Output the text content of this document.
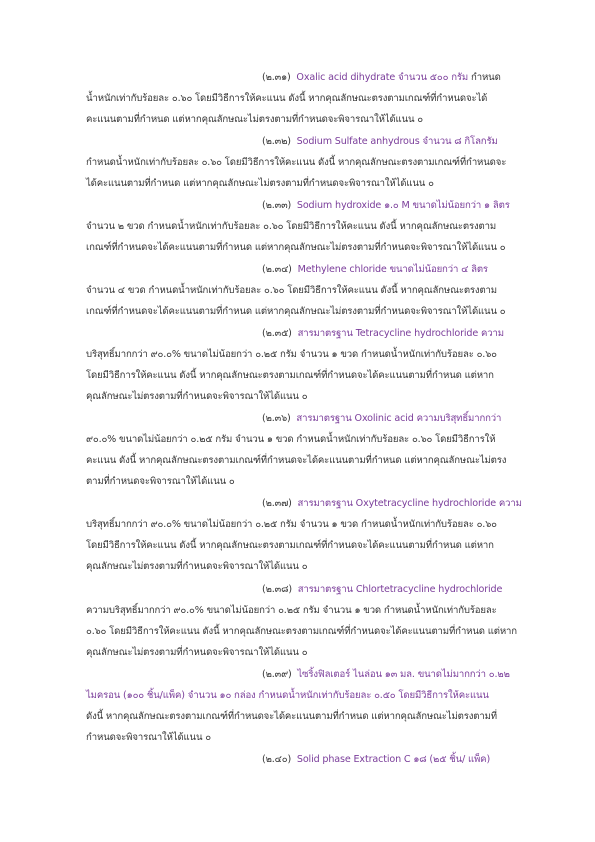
(๒.๓๑) Oxalic acid dihydrate จำนวน ๕๐๐ กรัม กำหนด
น้ำหนักเท่ากับร้อยละ ๐.๖๐ โดยมีวิธีการให้คะแนน ดังนี้ หากคุณลักษณะตรงตามเกณฑ์ที่กำหนดจะได้
คะแนนตามที่กำหนด แต่หากคุณลักษณะไม่ตรงตามที่กำหนดจะพิจารณาให้ได้แนน ๐
(๒.๓๒) Sodium Sulfate anhydrous จำนวน ๘ กิโลกรัม
กำหนดน้ำหนักเท่ากับร้อยละ ๐.๖๐ โดยมีวิธีการให้คะแนน ดังนี้ หากคุณลักษณะตรงตามเกณฑ์ที่กำหนดจะ
ได้คะแนนตามที่กำหนด แต่หากคุณลักษณะไม่ตรงตามที่กำหนดจะพิจารณาให้ได้แนน ๐
(๒.๓๓) Sodium hydroxide ๑.๐ M ขนาดไม่น้อยกว่า ๑ ลิตร
จำนวน ๒ ขวด กำหนดน้ำหนักเท่ากับร้อยละ ๐.๖๐ โดยมีวิธีการให้คะแนน ดังนี้ หากคุณลักษณะตรงตาม
เกณฑ์ที่กำหนดจะได้คะแนนตามที่กำหนด แต่หากคุณลักษณะไม่ตรงตามที่กำหนดจะพิจารณาให้ได้แนน ๐
(๒.๓๔) Methylene chloride ขนาดไม่น้อยกว่า ๔ ลิตร
จำนวน ๔ ขวด กำหนดน้ำหนักเท่ากับร้อยละ ๐.๖๐ โดยมีวิธีการให้คะแนน ดังนี้ หากคุณลักษณะตรงตาม
เกณฑ์ที่กำหนดจะได้คะแนนตามที่กำหนด แต่หากคุณลักษณะไม่ตรงตามที่กำหนดจะพิจารณาให้ได้แนน ๐
(๒.๓๕) สารมาตรฐาน Tetracycline hydrochloride ความ
บริสุทธิ์มากกว่า ๙๐.๐% ขนาดไม่น้อยกว่า ๐.๒๕ กรัม จำนวน ๑ ขวด กำหนดน้ำหนักเท่ากับร้อยละ ๐.๖๐
โดยมีวิธีการให้คะแนน ดังนี้ หากคุณลักษณะตรงตามเกณฑ์ที่กำหนดจะได้คะแนนตามที่กำหนด แต่หาก
คุณลักษณะไม่ตรงตามที่กำหนดจะพิจารณาให้ได้แนน ๐
(๒.๓๖) สารมาตรฐาน Oxolinic acid ความบริสุทธิ์มากกว่า
๙๐.๐% ขนาดไม่น้อยกว่า ๐.๒๕ กรัม จำนวน ๑ ขวด กำหนดน้ำหนักเท่ากับร้อยละ ๐.๖๐ โดยมีวิธีการให้
คะแนน ดังนี้ หากคุณลักษณะตรงตามเกณฑ์ที่กำหนดจะได้คะแนนตามที่กำหนด แต่หากคุณลักษณะไม่ตรง
ตามที่กำหนดจะพิจารณาให้ได้แนน ๐
(๒.๓๗) สารมาตรฐาน Oxytetracycline hydrochloride ความ
บริสุทธิ์มากกว่า ๙๐.๐% ขนาดไม่น้อยกว่า ๐.๒๕ กรัม จำนวน ๑ ขวด กำหนดน้ำหนักเท่ากับร้อยละ ๐.๖๐
โดยมีวิธีการให้คะแนน ดังนี้ หากคุณลักษณะตรงตามเกณฑ์ที่กำหนดจะได้คะแนนตามที่กำหนด แต่หาก
คุณลักษณะไม่ตรงตามที่กำหนดจะพิจารณาให้ได้แนน ๐
(๒.๓๘) สารมาตรฐาน Chlortetracycline hydrochloride
ความบริสุทธิ์มากกว่า ๙๐.๐% ขนาดไม่น้อยกว่า ๐.๒๕ กรัม จำนวน ๑ ขวด กำหนดน้ำหนักเท่ากับร้อยละ
๐.๖๐ โดยมีวิธีการให้คะแนน ดังนี้ หากคุณลักษณะตรงตามเกณฑ์ที่กำหนดจะได้คะแนนตามที่กำหนด แต่หาก
คุณลักษณะไม่ตรงตามที่กำหนดจะพิจารณาให้ได้แนน ๐
(๒.๓๙) ไซริ้งฟิลเตอร์ ไนล่อน ๑๓ มล. ขนาดไม่มากกว่า ๐.๒๒
ไมครอน (๑๐๐ ชิ้น/แพ็ค) จำนวน ๑๐ กล่อง กำหนดน้ำหนักเท่ากับร้อยละ ๐.๕๐ โดยมีวิธีการให้คะแนน
ดังนี้ หากคุณลักษณะตรงตามเกณฑ์ที่กำหนดจะได้คะแนนตามที่กำหนด แต่หากคุณลักษณะไม่ตรงตามที่
กำหนดจะพิจารณาให้ได้แนน ๐
(๒.๔๐) Solid phase Extraction C ๑๘ (๒๕ ชิ้น/ แพ็ค)
